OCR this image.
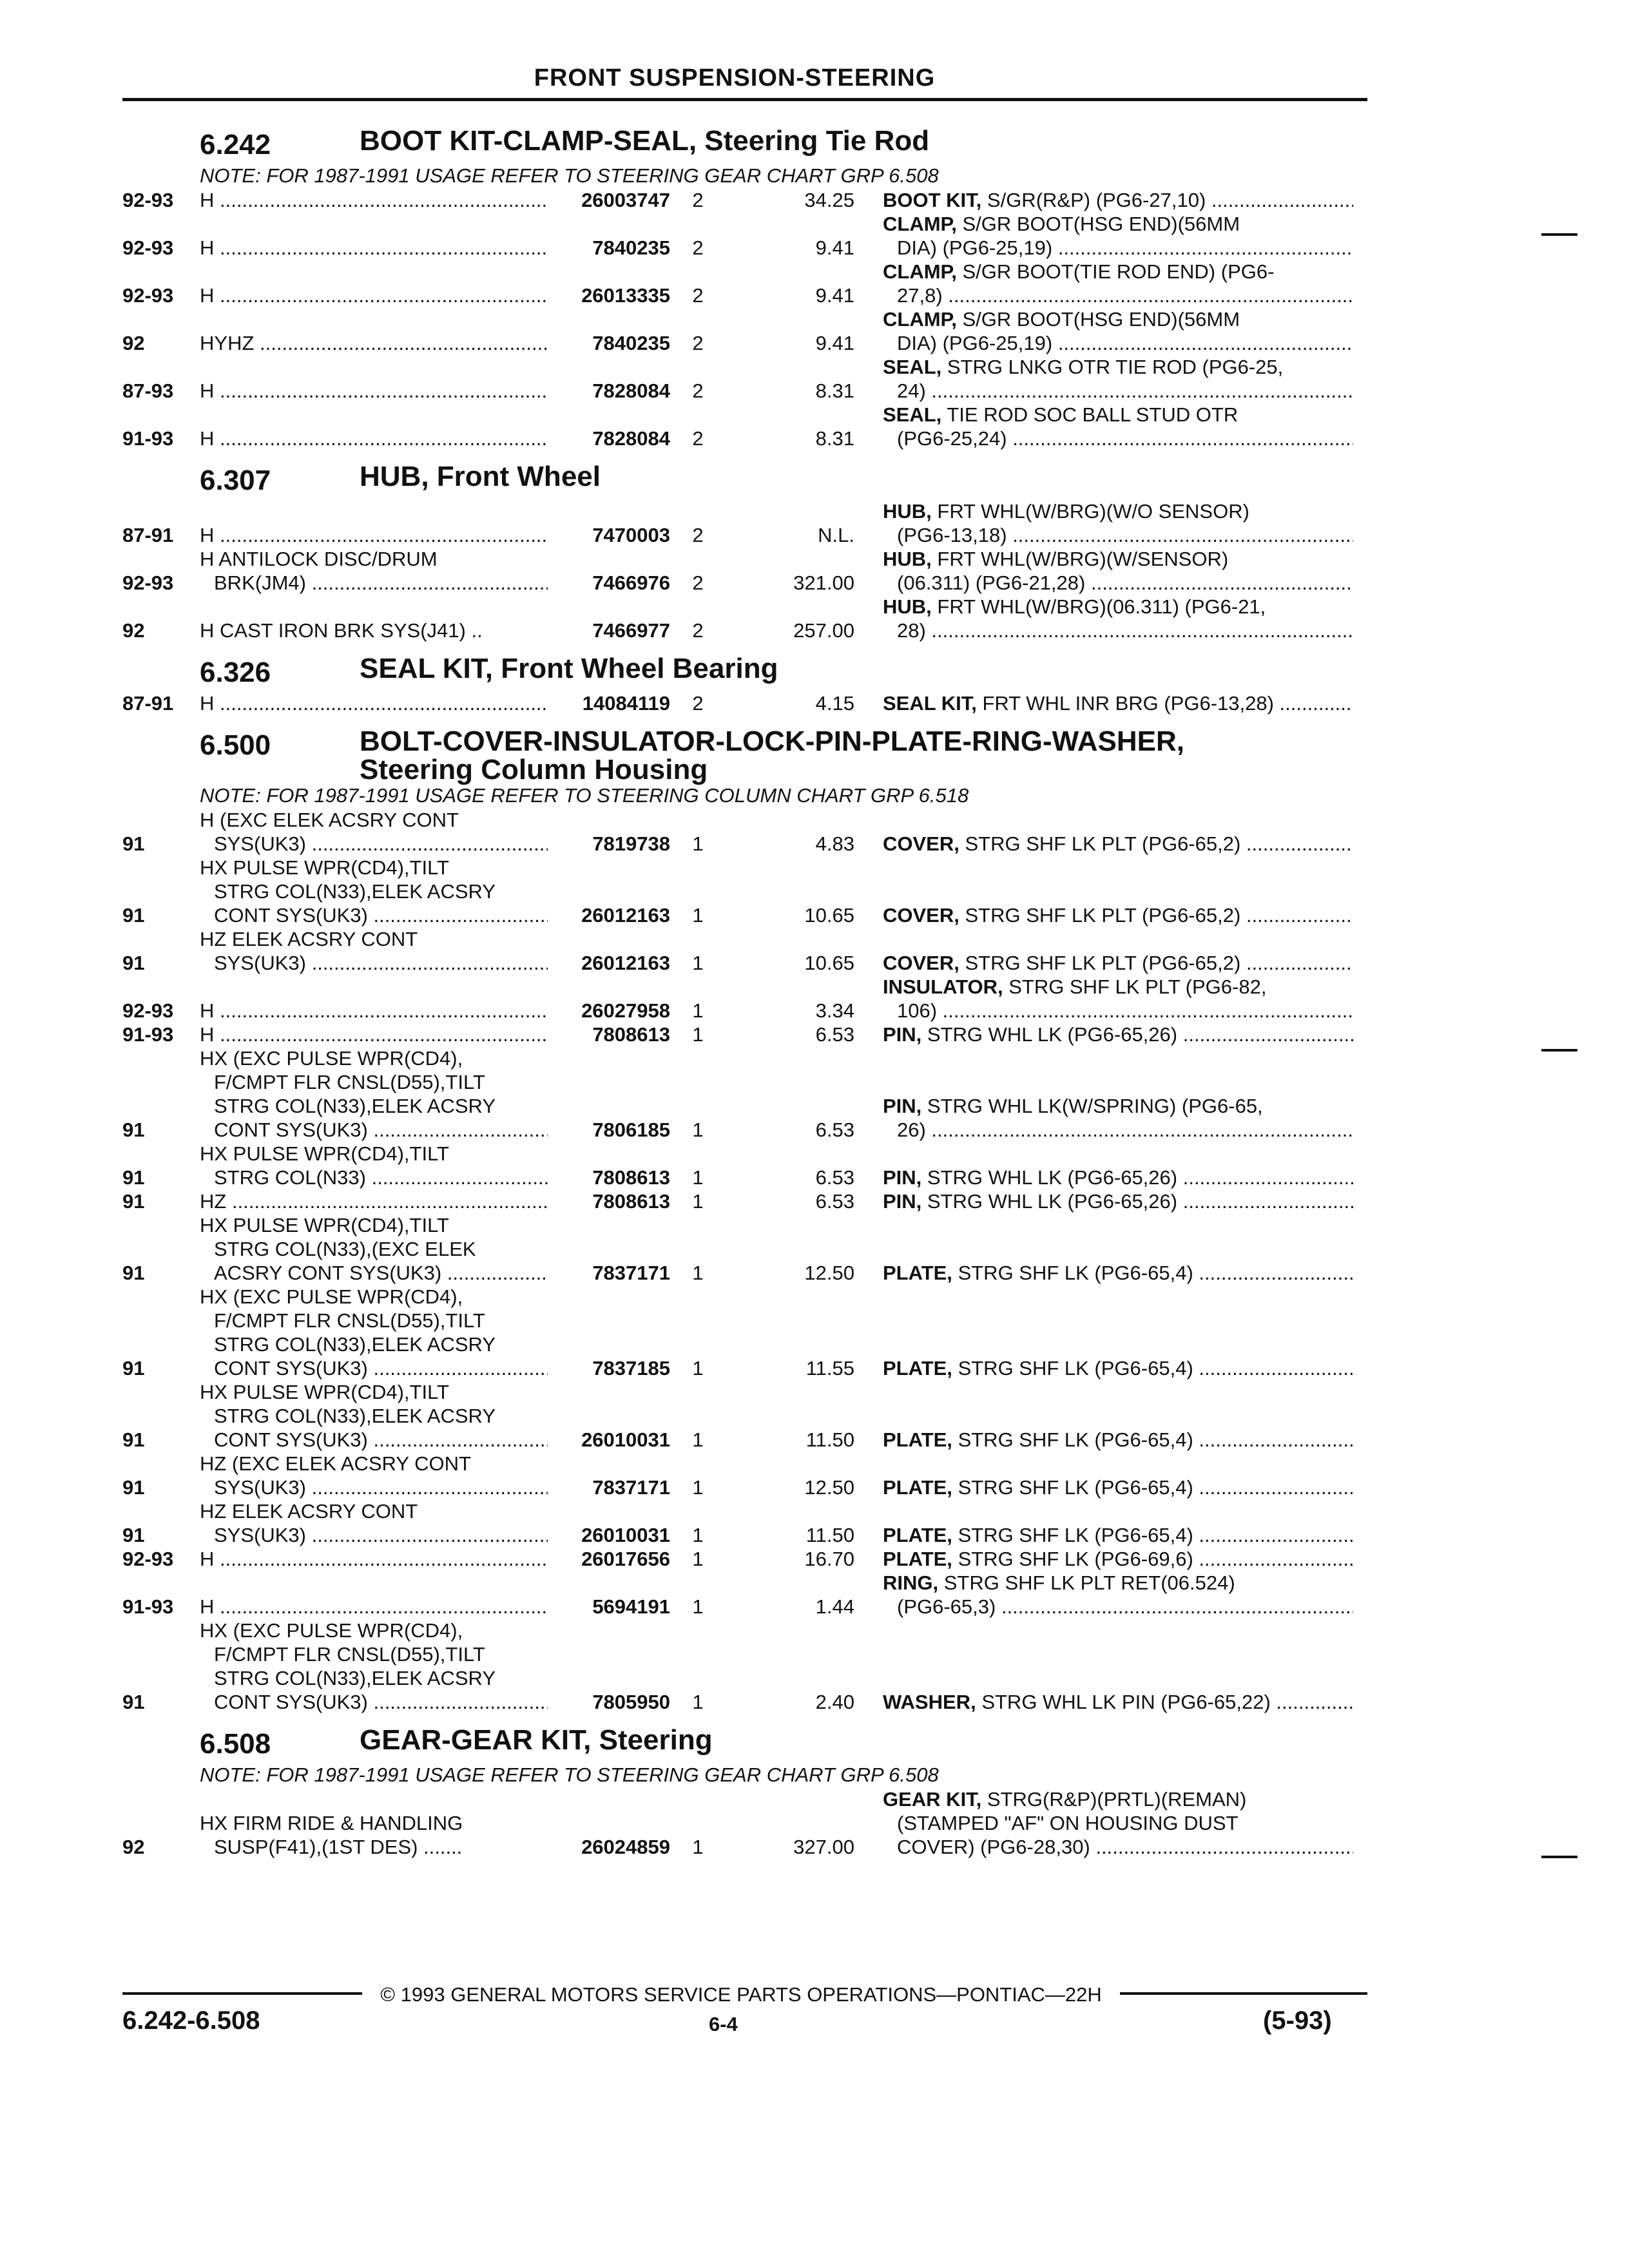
FRONT SUSPENSION-STEERING
6.242	BOOT KIT-CLAMP-SEAL, Steering Tie Rod
NOTE: FOR 1987-1991 USAGE REFER TO STEERING GEAR CHART GRP 6.508
92-93	H .....	26003747	2	34.25 BOOT KIT, S/GR(R&P) (PG6-27,10) .....
92-93	H .....	7840235	2	9.41
CLAMP, S/GR BOOT(HSG END)(56MM
DIA) (PG6-25,19) .....
92-93	H .....	26013335	2	9.41
CLAMP, S/GR BOOT(TIE ROD END) (PG6-
27,8) .....
92	HYHZ .....	7840235	2	9.41
CLAMP, S/GR BOOT(HSG END)(56MM
DIA) (PG6-25,19) .....
87-93	H .....	7828084	2	8.31
SEAL, STRG LNKG OTR TIE ROD (PG6-25,
24) .....
91-93	H .....	7828084	2	8.31
SEAL, TIE ROD SOC BALL STUD OTR
(PG6-25,24) .....
6.307	HUB, Front Wheel
87-91	H .....	7470003	2	N.L.
HUB, FRT WHL(W/BRG)(W/O SENSOR)
(PG6-13,18) .....
92-93
H ANTILOCK DISC/DRUM
BRK(JM4) .....	7466976	2	321.00
HUB, FRT WHL(W/BRG)(W/SENSOR)
(06.311) (PG6-21,28) .....
92	H CAST IRON BRK SYS(J41) ..	7466977	2	257.00
HUB, FRT WHL(W/BRG)(06.311) (PG6-21,
28) .....
6.326	SEAL KIT, Front Wheel Bearing
87-91	H .....	14084119	2	4.15 SEAL KIT, FRT WHL INR BRG (PG6-13,28) .....
6.500	BOLT-COVER-INSULATOR-LOCK-PIN-PLATE-RING-WASHER,
Steering Column Housing
NOTE: FOR 1987-1991 USAGE REFER TO STEERING COLUMN CHART GRP 6.518
91
H (EXC ELEK ACSRY CONT
SYS(UK3) .....	7819738	1	4.83 COVER, STRG SHF LK PLT (PG6-65,2) .....
91
HX PULSE WPR(CD4),TILT
STRG COL(N33),ELEK ACSRY
CONT SYS(UK3) .....	26012163	1	10.65 COVER, STRG SHF LK PLT (PG6-65,2) .....
91
HZ ELEK ACSRY CONT
SYS(UK3) .....	26012163	1	10.65 COVER, STRG SHF LK PLT (PG6-65,2) .....
92-93	H .....	26027958	1	3.34
INSULATOR, STRG SHF LK PLT (PG6-82,
106) .....
91-93	H .....	7808613	1	6.53 PIN, STRG WHL LK (PG6-65,26) .....
91
HX (EXC PULSE WPR(CD4),
F/CMPT FLR CNSL(D55),TILT
STRG COL(N33),ELEK ACSRY
CONT SYS(UK3) .....	7806185	1	6.53
PIN, STRG WHL LK(W/SPRING) (PG6-65,
26) .....
91
HX PULSE WPR(CD4),TILT
STRG COL(N33) .....	7808613	1	6.53 PIN, STRG WHL LK (PG6-65,26) .....
91	HZ .....	7808613	1	6.53 PIN, STRG WHL LK (PG6-65,26) .....
91
HX PULSE WPR(CD4),TILT
STRG COL(N33),(EXC ELEK
ACSRY CONT SYS(UK3) .....	7837171	1	12.50 PLATE, STRG SHF LK (PG6-65,4) .....
91
HX (EXC PULSE WPR(CD4),
F/CMPT FLR CNSL(D55),TILT
STRG COL(N33),ELEK ACSRY
CONT SYS(UK3) .....	7837185	1	11.55 PLATE, STRG SHF LK (PG6-65,4) .....
91
HX PULSE WPR(CD4),TILT
STRG COL(N33),ELEK ACSRY
CONT SYS(UK3) .....	26010031	1	11.50 PLATE, STRG SHF LK (PG6-65,4) .....
91
HZ (EXC ELEK ACSRY CONT
SYS(UK3) .....	7837171	1	12.50 PLATE, STRG SHF LK (PG6-65,4) .....
91
HZ ELEK ACSRY CONT
SYS(UK3) .....	26010031	1	11.50 PLATE, STRG SHF LK (PG6-65,4) .....
92-93	H .....	26017656	1	16.70 PLATE, STRG SHF LK (PG6-69,6) .....
91-93	H .....	5694191	1	1.44
RING, STRG SHF LK PLT RET(06.524)
(PG6-65,3) .....
91
HX (EXC PULSE WPR(CD4),
F/CMPT FLR CNSL(D55),TILT
STRG COL(N33),ELEK ACSRY
CONT SYS(UK3) .....	7805950	1	2.40 WASHER, STRG WHL LK PIN (PG6-65,22) .....
6.508	GEAR-GEAR KIT, Steering
NOTE: FOR 1987-1991 USAGE REFER TO STEERING GEAR CHART GRP 6.508
92
HX FIRM RIDE & HANDLING
SUSP(F41),(1ST DES) .......	26024859	1	327.00
GEAR KIT, STRG(R&P)(PRTL)(REMAN)
(STAMPED "AF" ON HOUSING DUST
COVER) (PG6-28,30) .....
© 1993 GENERAL MOTORS SERVICE PARTS OPERATIONS—PONTIAC—22H
6.242-6.508	6-4	(5-93)
